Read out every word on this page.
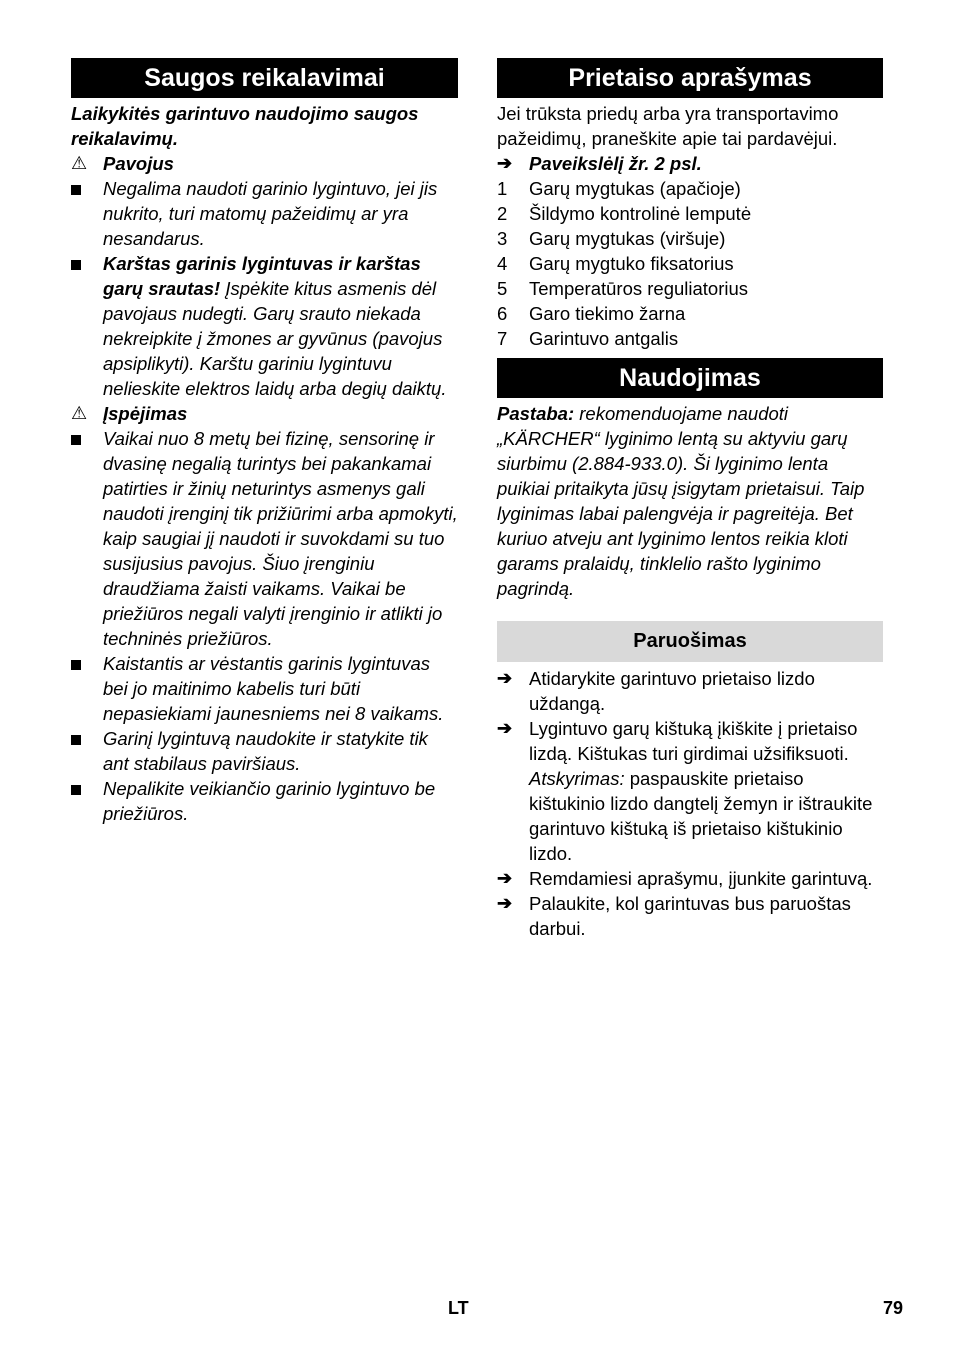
Saugos reikalavimai

Laikykitės garintuvo naudojimo saugos reikalavimų.

⚠ Pavojus
Negalima naudoti garinio lygintuvo, jei jis nukrito, turi matomų pažeidimų ar yra nesandarus.
Karštas garinis lygintuvas ir karštas garų srautas! Įspėkite kitus asmenis dėl pavojaus nudegti. Garų srauto niekada nekreipkite į žmones ar gyvūnus (pavojus apsiplikyti). Karštu gariniu lygintuvu nelieskite elektros laidų arba degių daiktų.
⚠ Įspėjimas
Vaikai nuo 8 metų bei fizinę, sensorinę ir dvasinę negalią turintys bei pakankamai patirties ir žinių neturintys asmenys gali naudoti įrenginį tik prižiūrimi arba apmokyti, kaip saugiai jį naudoti ir suvokdami su tuo susijusius pavojus. Šiuo įrenginiu draudžiama žaisti vaikams. Vaikai be priežiūros negali valyti įrenginio ir atlikti jo techninės priežiūros.
Kaistantis ar vėstantis garinis lygintuvas bei jo maitinimo kabelis turi būti nepasiekiami jaunesniems nei 8 vaikams.
Garinį lygintuvą naudokite ir statykite tik ant stabilaus paviršiaus.
Nepalikite veikiančio garinio lygintuvo be priežiūros.
Prietaiso aprašymas

Jei trūksta priedų arba yra transportavimo pažeidimų, praneškite apie tai pardavėjui.

➔ Paveikslėlį žr. 2 psl.
1	Garų mygtukas (apačioje)
2	Šildymo kontrolinė lemputė
3	Garų mygtukas (viršuje)
4	Garų mygtuko fiksatorius
5	Temperatūros reguliatorius
6	Garo tiekimo žarna
7	Garintuvo antgalis
Naudojimas

Pastaba: rekomenduojame naudoti „KÄRCHER“ lyginimo lentą su aktyviu garų siurbimu (2.884-933.0). Ši lyginimo lenta puikiai pritaikyta jūsų įsigytam prietaisui. Taip lyginimas labai palengvėja ir pagreitėja. Bet kuriuo atveju ant lyginimo lentos reikia kloti garams pralaidų, tinklelio rašto lyginimo pagrindą.

Paruošimas
➔ Atidarykite garintuvo prietaiso lizdo uždangą.
➔ Lygintuvo garų kištuką įkiškite į prietaiso lizdą. Kištukas turi girdimai užsifiksuoti.
Atskyrimas: paspauskite prietaiso kištukinio lizdo dangtelį žemyn ir ištraukite garintuvo kištuką iš prietaiso kištukinio lizdo.
➔ Remdamiesi aprašymu, įjunkite garintuvą.
➔ Palaukite, kol garintuvas bus paruoštas darbui.
LT	79
